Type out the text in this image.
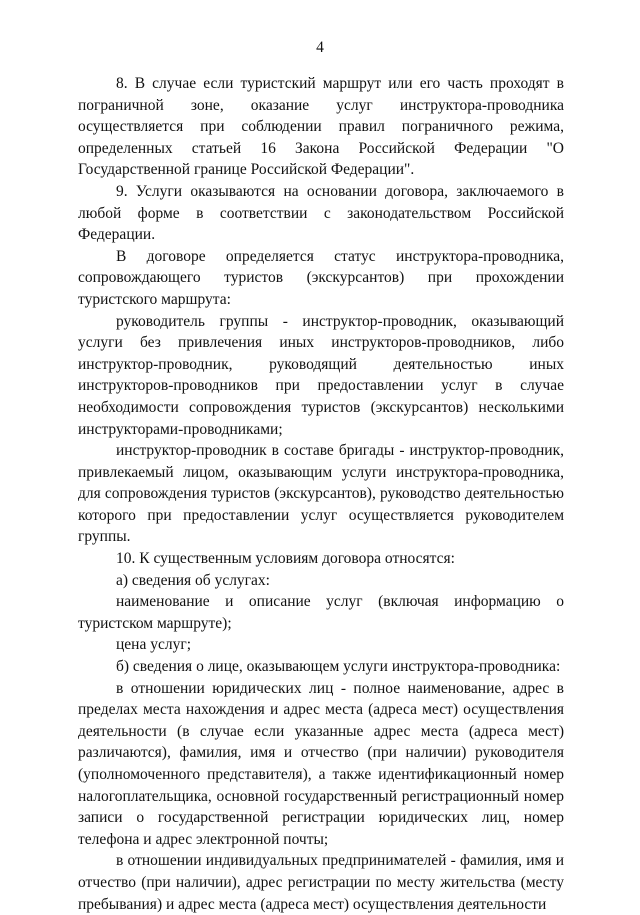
4

8. В случае если туристский маршрут или его часть проходят в пограничной зоне, оказание услуг инструктора-проводника осуществляется при соблюдении правил пограничного режима, определенных статьей 16 Закона Российской Федерации "О Государственной границе Российской Федерации".

9. Услуги оказываются на основании договора, заключаемого в любой форме в соответствии с законодательством Российской Федерации.

В договоре определяется статус инструктора-проводника, сопровождающего туристов (экскурсантов) при прохождении туристского маршрута:

руководитель группы - инструктор-проводник, оказывающий услуги без привлечения иных инструкторов-проводников, либо инструктор-проводник, руководящий деятельностью иных инструкторов-проводников при предоставлении услуг в случае необходимости сопровождения туристов (экскурсантов) несколькими инструкторами-проводниками;

инструктор-проводник в составе бригады - инструктор-проводник, привлекаемый лицом, оказывающим услуги инструктора-проводника, для сопровождения туристов (экскурсантов), руководство деятельностью которого при предоставлении услуг осуществляется руководителем группы.

10. К существенным условиям договора относятся:

а) сведения об услугах:

наименование и описание услуг (включая информацию о туристском маршруте);

цена услуг;

б) сведения о лице, оказывающем услуги инструктора-проводника:

в отношении юридических лиц - полное наименование, адрес в пределах места нахождения и адрес места (адреса мест) осуществления деятельности (в случае если указанные адрес места (адреса мест) различаются), фамилия, имя и отчество (при наличии) руководителя (уполномоченного представителя), а также идентификационный номер налогоплательщика, основной государственный регистрационный номер записи о государственной регистрации юридических лиц, номер телефона и адрес электронной почты;

в отношении индивидуальных предпринимателей - фамилия, имя и отчество (при наличии), адрес регистрации по месту жительства (месту пребывания) и адрес места (адреса мест) осуществления деятельности
